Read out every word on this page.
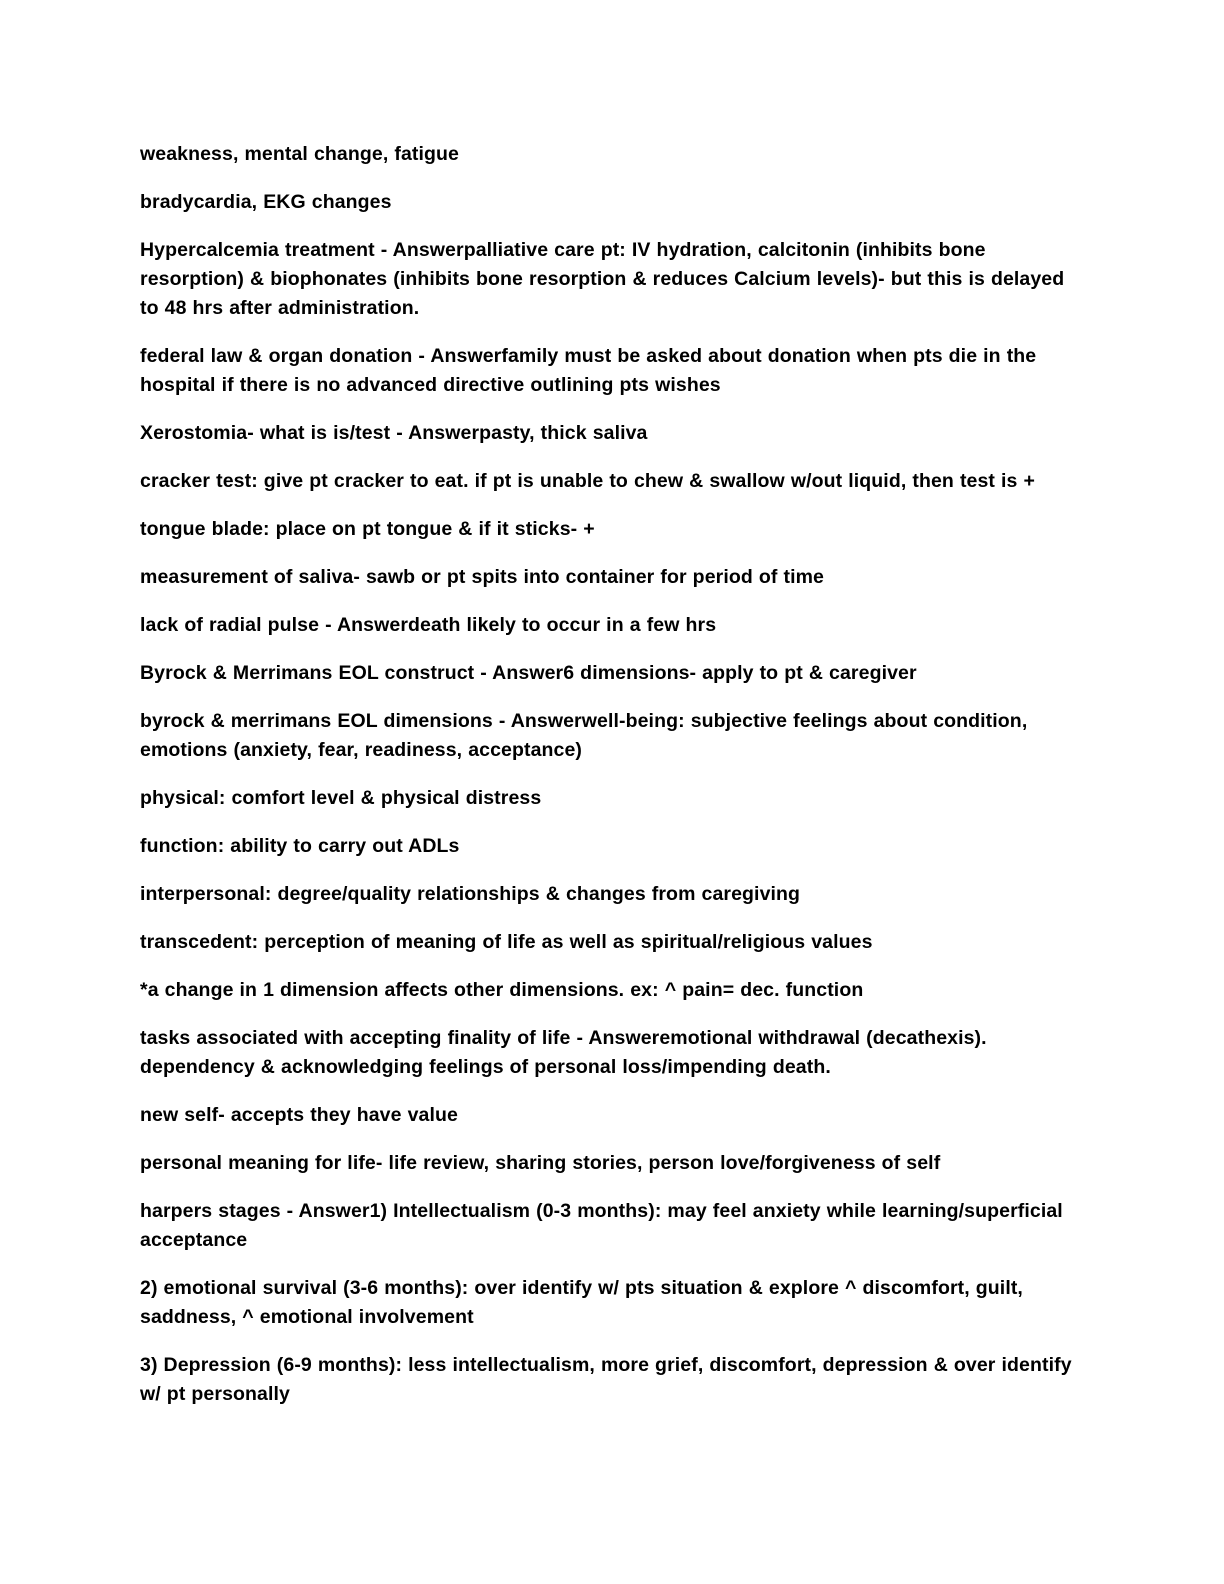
weakness, mental change, fatigue

bradycardia, EKG changes

Hypercalcemia treatment - Answerpalliative care pt: IV hydration, calcitonin (inhibits bone resorption) & biophonates (inhibits bone resorption & reduces Calcium levels)- but this is delayed to 48 hrs after administration.

federal law & organ donation - Answerfamily must be asked about donation when pts die in the hospital if there is no advanced directive outlining pts wishes

Xerostomia- what is is/test - Answerpasty, thick saliva

cracker test: give pt cracker to eat. if pt is unable to chew & swallow w/out liquid, then test is +

tongue blade: place on pt tongue & if it sticks- +

measurement of saliva- sawb or pt spits into container for period of time

lack of radial pulse - Answerdeath likely to occur in a few hrs

Byrock & Merrimans EOL construct - Answer6 dimensions- apply to pt & caregiver

byrock & merrimans EOL dimensions - Answerwell-being: subjective feelings about condition, emotions (anxiety, fear, readiness, acceptance)

physical: comfort level & physical distress

function: ability to carry out ADLs

interpersonal: degree/quality relationships & changes from caregiving

transcedent: perception of meaning of life as well as spiritual/religious values

*a change in 1 dimension affects other dimensions. ex: ^ pain= dec. function

tasks associated with accepting finality of life - Answeremotional withdrawal (decathexis). dependency & acknowledging feelings of personal loss/impending death.

new self- accepts they have value

personal meaning for life- life review, sharing stories, person love/forgiveness of self

harpers stages - Answer1) Intellectualism (0-3 months): may feel anxiety while learning/superficial acceptance

2) emotional survival (3-6 months): over identify w/ pts situation & explore ^ discomfort, guilt, saddness, ^ emotional involvement

3) Depression (6-9 months): less intellectualism, more grief, discomfort, depression & over identify w/ pt personally
